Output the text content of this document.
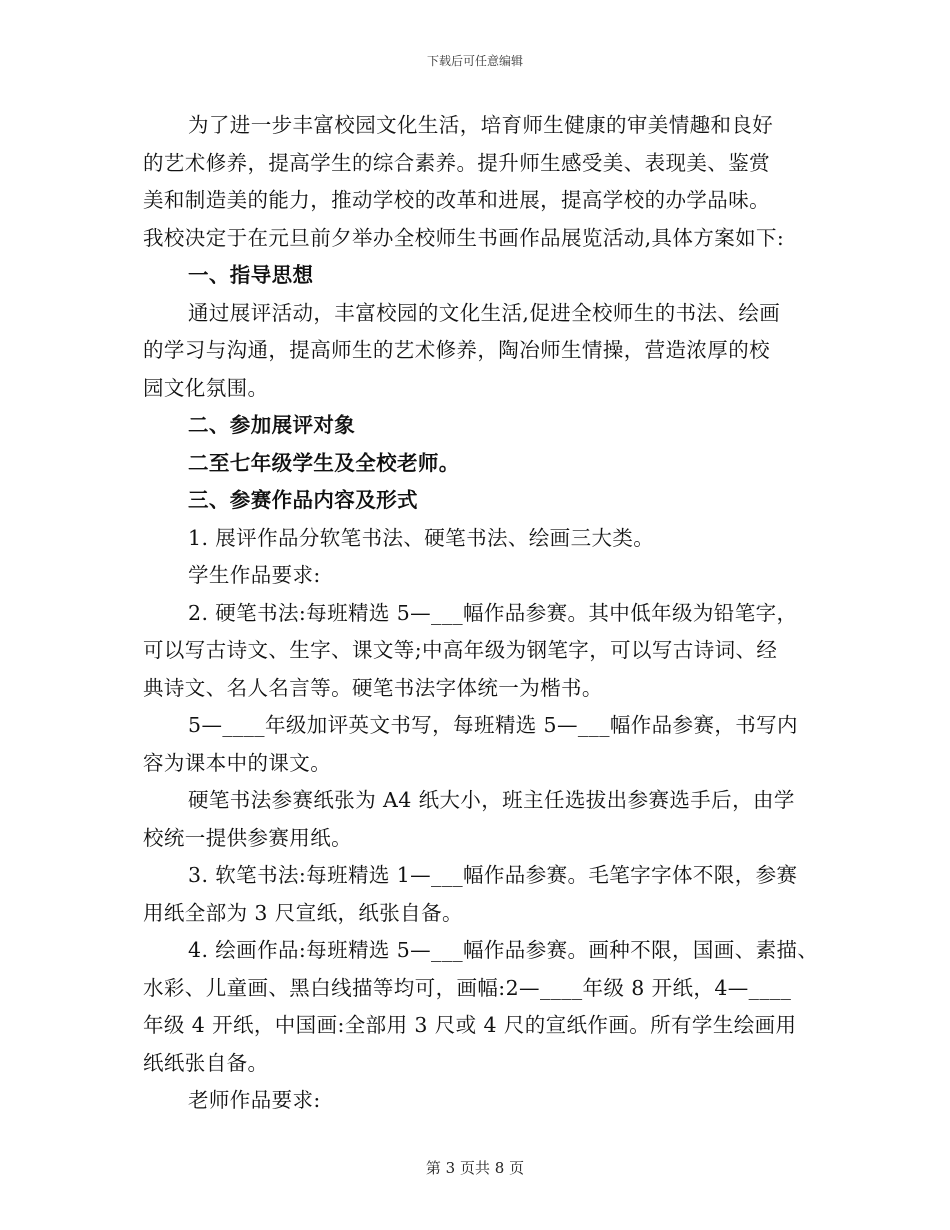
下载后可任意编辑

为了进一步丰富校园文化生活，培育师生健康的审美情趣和良好

的艺术修养，提高学生的综合素养。提升师生感受美、表现美、鉴赏

美和制造美的能力，推动学校的改革和进展，提高学校的办学品味。

我校决定于在元旦前夕举办全校师生书画作品展览活动,具体方案如下:

一、指导思想

通过展评活动，丰富校园的文化生活,促进全校师生的书法、绘画

的学习与沟通，提高师生的艺术修养，陶冶师生情操，营造浓厚的校

园文化氛围。

二、参加展评对象

二至七年级学生及全校老师。

三、参赛作品内容及形式

1. 展评作品分软笔书法、硬笔书法、绘画三大类。

学生作品要求:

2. 硬笔书法:每班精选 5—___幅作品参赛。其中低年级为铅笔字，

可以写古诗文、生字、课文等;中高年级为钢笔字，可以写古诗词、经

典诗文、名人名言等。硬笔书法字体统一为楷书。

5—____年级加评英文书写，每班精选 5—___幅作品参赛，书写内

容为课本中的课文。

硬笔书法参赛纸张为 A4 纸大小，班主任选拔出参赛选手后，由学

校统一提供参赛用纸。

3. 软笔书法:每班精选 1—___幅作品参赛。毛笔字字体不限，参赛

用纸全部为 3 尺宣纸，纸张自备。

4. 绘画作品:每班精选 5—___幅作品参赛。画种不限，国画、素描、

水彩、儿童画、黑白线描等均可，画幅:2—____年级 8 开纸，4—____

年级 4 开纸，中国画:全部用 3 尺或 4 尺的宣纸作画。所有学生绘画用

纸纸张自备。

老师作品要求:

第 3 页共 8 页
